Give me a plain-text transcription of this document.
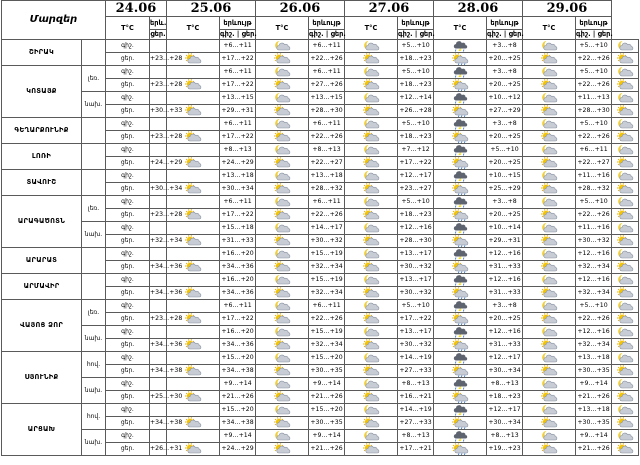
Մարզեր		24.06		25.06		26.06		27.06		28.06		29.06		
		T°C	երև.	T°C	երևույթ	T°C	երևույթ	T°C	երևույթ	T°C	երևույթ	T°C	երևույթ	
			ցեր.		գիշ. | ցեր.		գիշ. | ցեր.		գիշ. | ցեր.		գիշ. | ցեր.		գիշ. | ցեր.	
ՇԻՐԱԿ		գիշ.			+6…+11		+6…+11		+5…+10		+3…+8		+5…+10	

		ցեր.	+23…+28		+17…+22		+22…+26		+18…+23		+20…+25		+22…+26	

ԿՈՏԱՅՔ	լեռ.	գիշ.			+6…+11		+6…+11		+5…+10		+3…+8		+5…+10	

		ցեր.	+23…+28		+17…+22		+27…+26		+18…+23		+20…+25		+22…+26	

	նախ.	գիշ.			+13…+15		+13…+15		+12…+14		+10…+12		+11…+13	

		ցեր.	+30…+33		+29…+31		+28…+30		+26…+28		+27…+29		+28…+30	

ԳԵՂԱՐՔՈՒՆԻՔ		գիշ.			+6…+11		+6…+11		+5…+10		+3…+8		+5…+10	

		ցեր.	+23…+28		+17…+22		+22…+26		+18…+23		+20…+25		+22…+26	

ԼՈՌԻ		գիշ.			+8…+13		+8…+13		+7…+12		+5…+10		+6…+11	

		ցեր.	+24…+29		+24…+29		+22…+27		+17…+22		+20…+25		+22…+27	

ՏԱՎՈՒՇ		գիշ.			+13…+18		+13…+18		+12…+17		+10…+15		+11…+16	

		ցեր.	+30…+34		+30…+34		+28…+32		+23…+27		+25…+29		+28…+32	

ԱՐԱԳԱԾՈՏՆ	լեռ.	գիշ.			+6…+11		+6…+11		+5…+10		+3…+8		+5…+10	

		ցեր.	+23…+28		+17…+22		+22…+26		+18…+23		+20…+25		+22…+26	

	նախ.	գիշ.			+15…+18		+14…+17		+12…+16		+10…+14		+11…+16	

		ցեր.	+32…+34		+31…+33		+30…+32		+28…+30		+29…+31		+30…+32	

ԱՐԱՐԱՏ		գիշ.			+16…+20		+15…+19		+13…+17		+12…+16		+12…+16	

		ցեր.	+34…+36		+34…+36		+32…+34		+30…+32		+31…+33		+32…+34	

ԱՐՄԱՎԻՐ		գիշ.			+16…+20		+15…+19		+13…+17		+12…+16		+12…+16	

		ցեր.	+34…+36		+34…+36		+32…+34		+30…+32		+31…+33		+32…+34	

ՎԱՅՈՑ ՁՈՐ	լեռ.	գիշ.			+6…+11		+6…+11		+5…+10		+3…+8		+5…+10	

		ցեր.	+23…+28		+17…+22		+22…+26		+17…+22		+20…+25		+22…+26	

	նախ.	գիշ.			+16…+20		+15…+19		+13…+17		+12…+16		+12…+16	

		ցեր.	+34…+36		+34…+36		+32…+34		+30…+32		+31…+33		+32…+34	

ՍՅՈՒՆԻՔ	հով.	գիշ.			+15…+20		+15…+20		+14…+19		+12…+17		+13…+18	

		ցեր.	+34…+38		+34…+38		+30…+35		+27…+33		+30…+34		+30…+35	

	նախ.	գիշ.			+9…+14		+9…+14		+8…+13		+8…+13		+9…+14	

		ցեր.	+25…+30		+21…+26		+21…+26		+16…+21		+18…+23		+21…+26	

ԱՐՑԱԽ	հով.	գիշ.			+15…+20		+15…+20		+14…+19		+12…+17		+13…+18	

		ցեր.	+34…+38		+34…+38		+30…+35		+27…+33		+30…+34		+30…+35	

	նախ.	գիշ.			+9…+14		+9…+14		+8…+13		+8…+13		+9…+14	

		ցեր.	+26…+31		+24…+29		+21…+26		+17…+21		+19…+23		+21…+26	
